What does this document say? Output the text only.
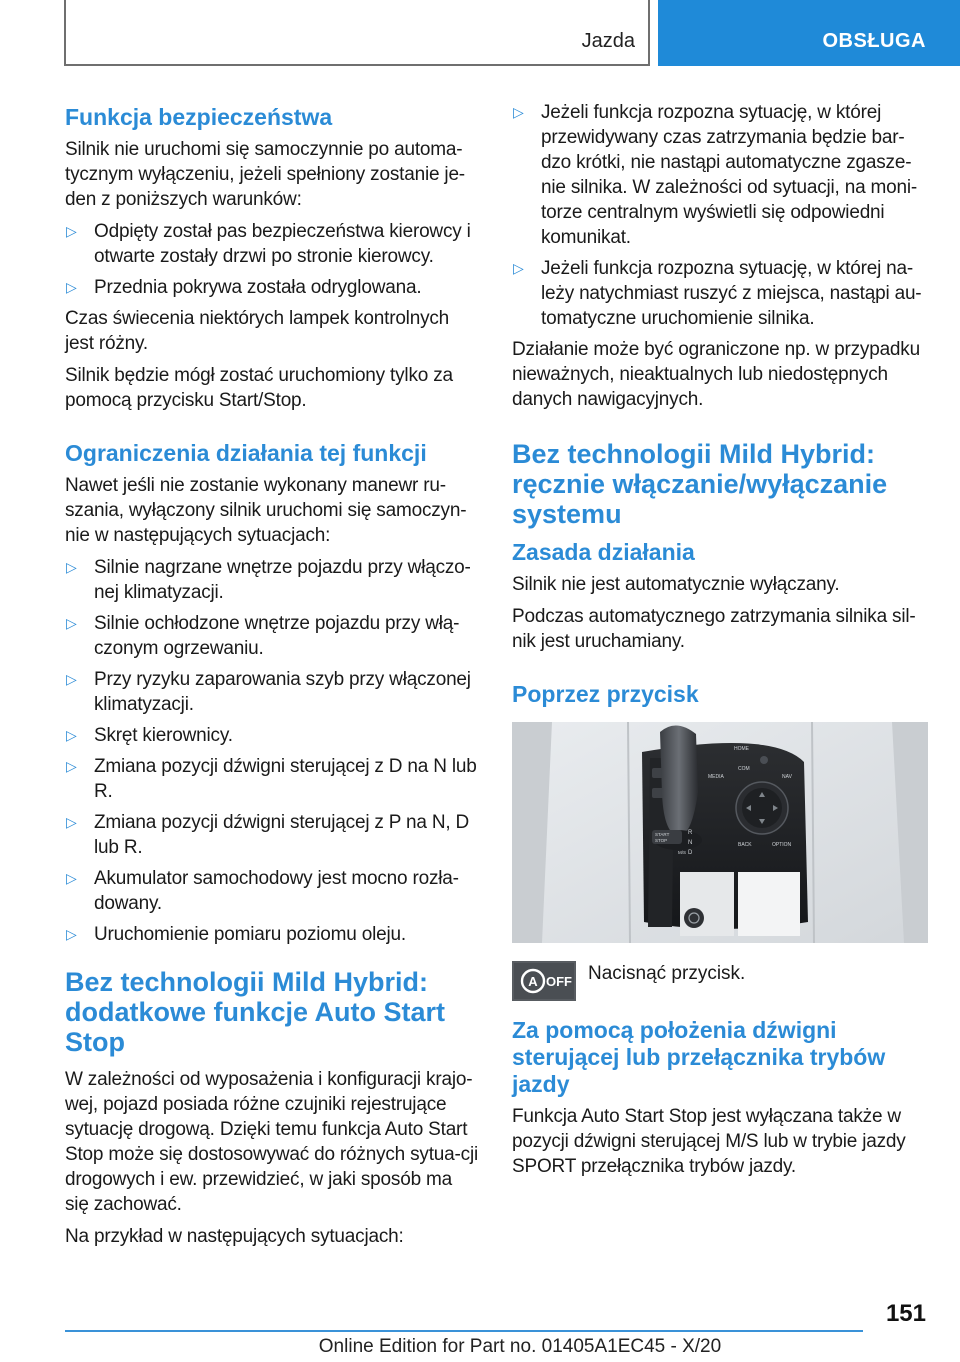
Jazda	OBSŁUGA
Funkcja bezpieczeństwa

Silnik nie uruchomi się samoczynnie po automa-tycznym wyłączeniu, jeżeli spełniony zostanie je-den z poniższych warunków:

▷ Odpięty został pas bezpieczeństwa kierowcy i otwarte zostały drzwi po stronie kierowcy.
▷ Przednia pokrywa została odryglowana.

Czas świecenia niektórych lampek kontrolnych jest różny.

Silnik będzie mógł zostać uruchomiony tylko za pomocą przycisku Start/Stop.

Ograniczenia działania tej funkcji

Nawet jeśli nie zostanie wykonany manewr ru-szania, wyłączony silnik uruchomi się samoczyn-nie w następujących sytuacjach:

▷ Silnie nagrzane wnętrze pojazdu przy włączo-nej klimatyzacji.
▷ Silnie ochłodzone wnętrze pojazdu przy włą-czonym ogrzewaniu.
▷ Przy ryzyku zaparowania szyb przy włączonej klimatyzacji.
▷ Skręt kierownicy.
▷ Zmiana pozycji dźwigni sterującej z D na N lub R.
▷ Zmiana pozycji dźwigni sterującej z P na N, D lub R.
▷ Akumulator samochodowy jest mocno rozła-dowany.
▷ Uruchomienie pomiaru poziomu oleju.
Bez technologii Mild Hybrid: dodatkowe funkcje Auto Start Stop

W zależności od wyposażenia i konfiguracji krajo-wej, pojazd posiada różne czujniki rejestrujące sytuację drogową. Dzięki temu funkcja Auto Start Stop może się dostosowywać do różnych sytua-cji drogowych i ew. przewidzieć, w jaki sposób ma się zachować.

Na przykład w następujących sytuacjach:

▷ Jeżeli funkcja rozpozna sytuację, w której przewidywany czas zatrzymania będzie bar-dzo krótki, nie nastąpi automatyczne zgasze-nie silnika. W zależności od sytuacji, na moni-torze centralnym wyświetli się odpowiedni komunikat.
▷ Jeżeli funkcja rozpozna sytuację, w której na-leży natychmiast ruszyć z miejsca, nastąpi au-tomatyczne uruchomienie silnika.

Działanie może być ograniczone np. w przypadku nieważnych, nieaktualnych lub niedostępnych danych nawigacyjnych.

Bez technologii Mild Hybrid: ręcznie włączanie/wyłączanie systemu
Zasada działania

Silnik nie jest automatycznie wyłączany.

Podczas automatycznego zatrzymania silnika sil-nik jest uruchamiany.

Poprzez przycisk
START
STOP
R
N
D
M/S
MEDIA
COM
NAV
HOME
BACK	OPTION
A OFF Nacisnąć przycisk.
Za pomocą położenia dźwigni sterującej lub przełącznika trybów jazdy

Funkcja Auto Start Stop jest wyłączana także w pozycji dźwigni sterującej M/S lub w trybie jazdy SPORT przełącznika trybów jazdy.

151
Online Edition for Part no. 01405A1EC45 - X/20
